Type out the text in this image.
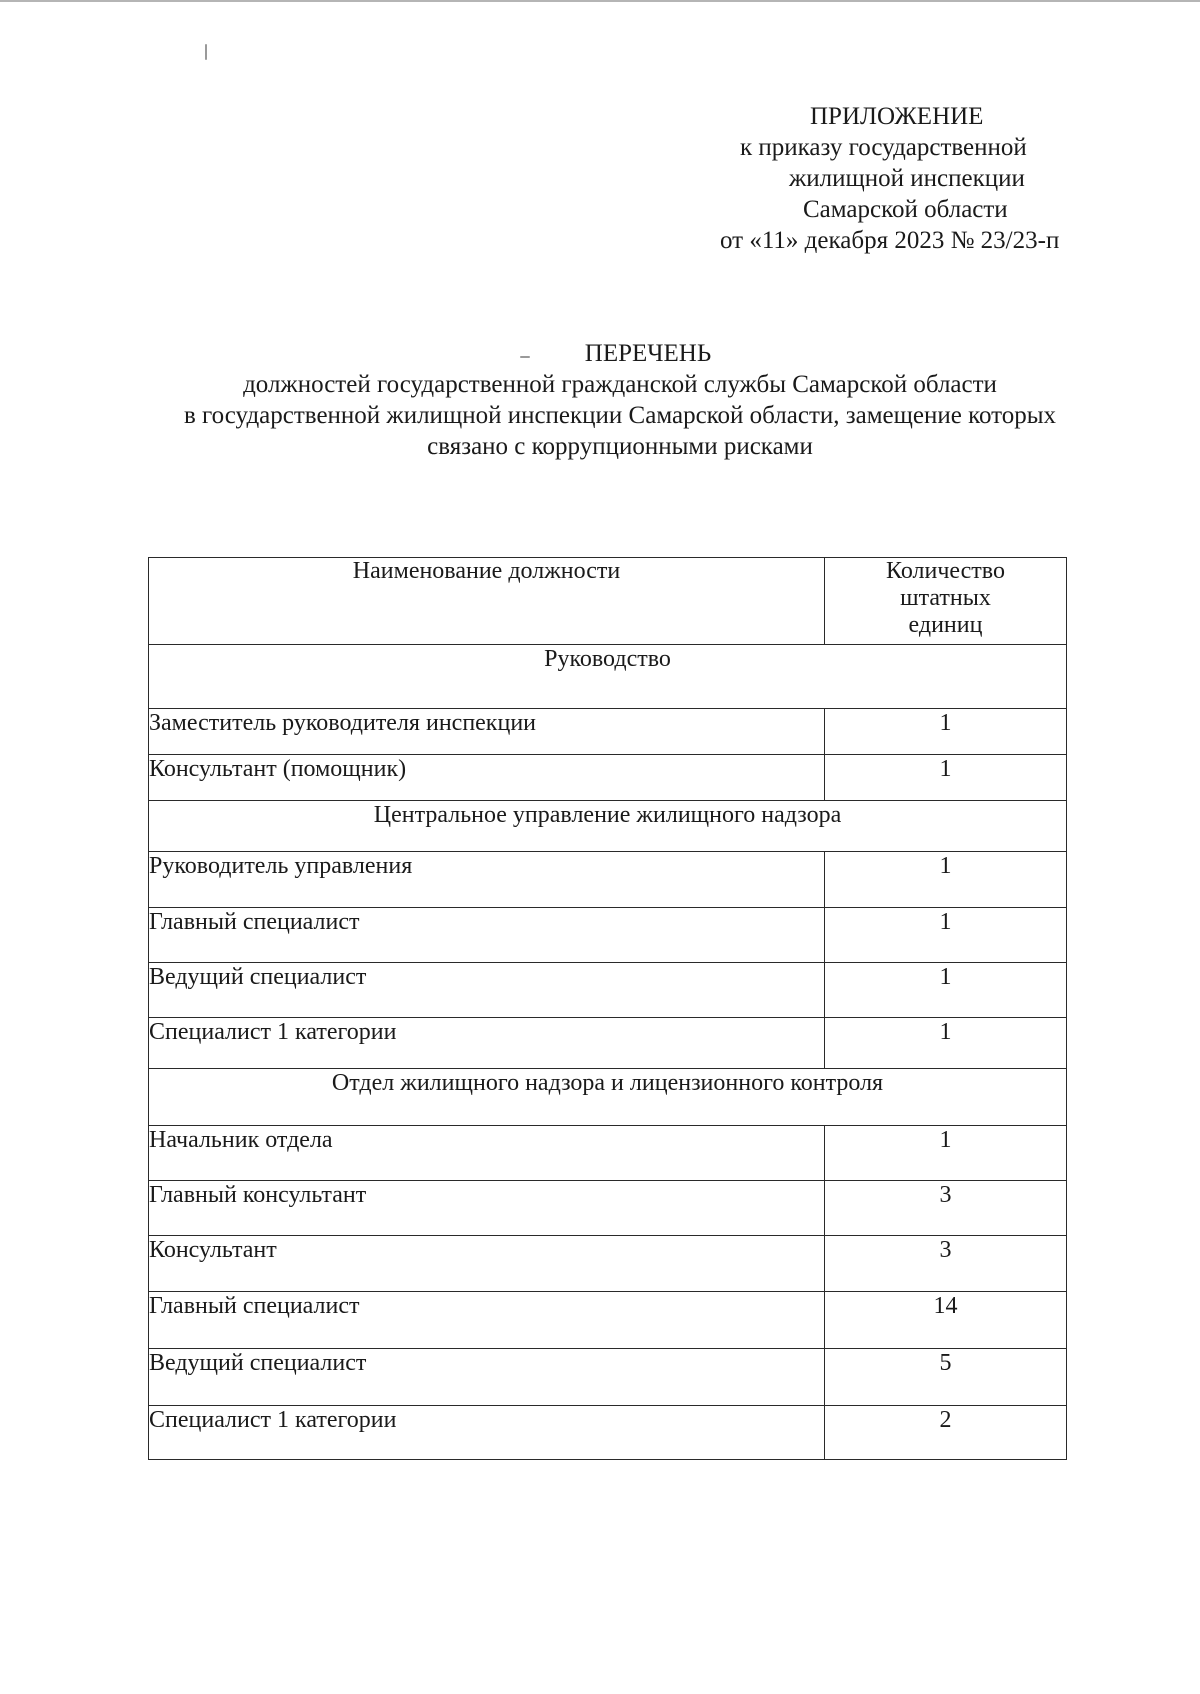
ПРИЛОЖЕНИЕ
к приказу государственной
жилищной инспекции
Самарской области
от «11» декабря 2023 № 23/23-п
ПЕРЕЧЕНЬ
должностей государственной гражданской службы Самарской области
в государственной жилищной инспекции Самарской области, замещение которых
связано с коррупционными рисками
Наименование должности	Количество
штатных
единиц

Руководство	
Заместитель руководителя инспекции	1
Консультант (помощник)	1
Центральное управление жилищного надзора	
Руководитель управления	1
Главный специалист	1
Ведущий специалист	1
Специалист 1 категории	1
Отдел жилищного надзора и лицензионного контроля	
Начальник отдела	1
Главный консультант	3
Консультант	3
Главный специалист	14
Ведущий специалист	5
Специалист 1 категории	2
